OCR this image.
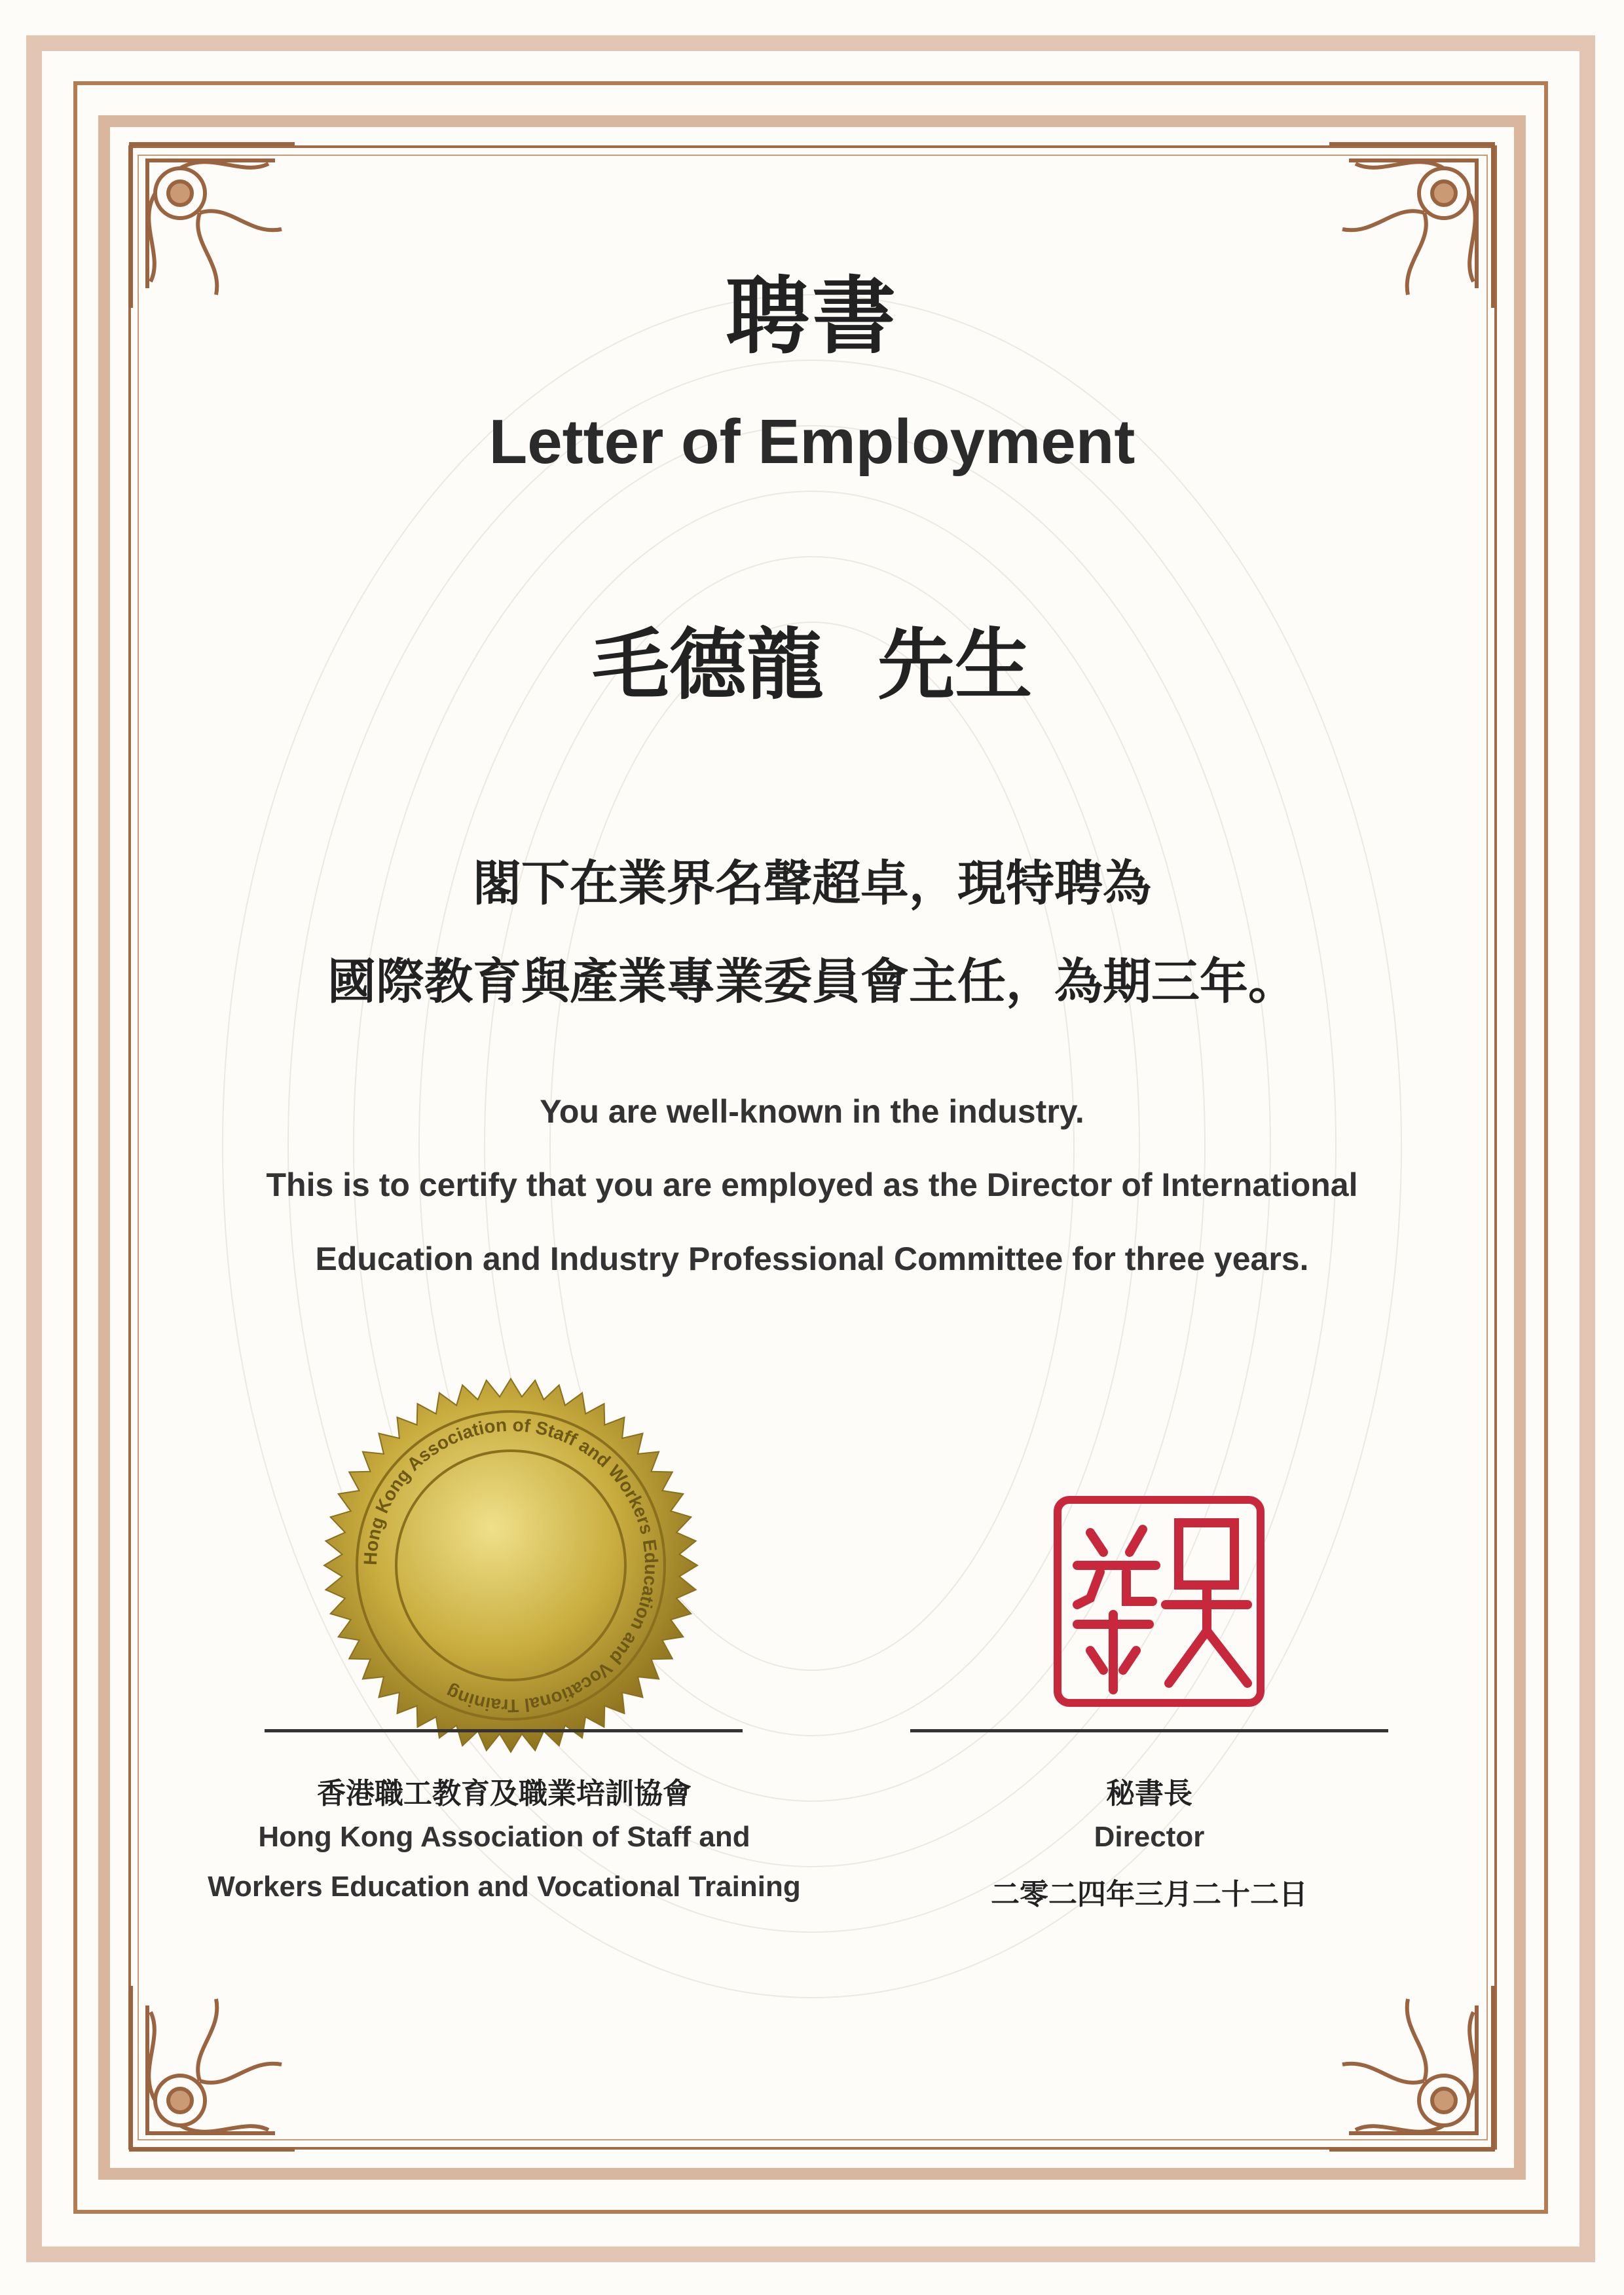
聘書
Letter of Employment
毛德龍 先生
閣下在業界名聲超卓，現特聘為
國際教育與產業專業委員會主任，為期三年。
You are well-known in the industry.
This is to certify that you are employed as the Director of International
Education and Industry Professional Committee for three years.
Hong Kong Association of Staff and Workers Education and Vocational Training
香港職工教育及職業培訓協會
Hong Kong Association of Staff and
Workers Education and Vocational Training
秘書長
Director
二零二四年三月二十二日
